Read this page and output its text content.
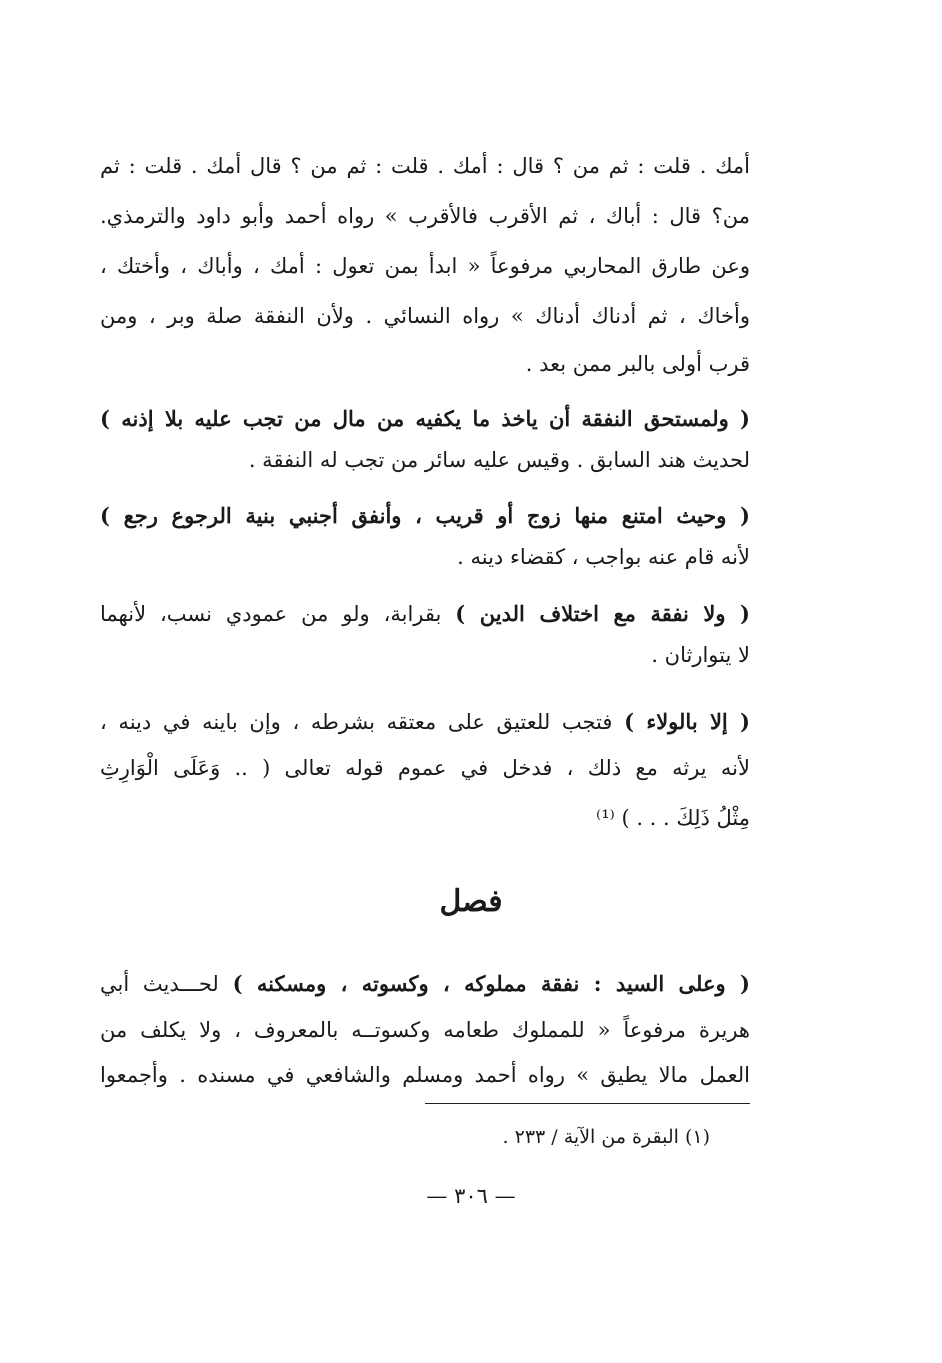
أمك . قلت : ثم من ؟ قال : أمك . قلت : ثم من ؟ قال أمك . قلت : ثم
من؟ قال : أباك ، ثم الأقرب فالأقرب » رواه أحمد وأبو داود والترمذي.
وعن طارق المحاربي مرفوعاً « ابدأ بمن تعول : أمك ، وأباك ، وأختك ،
وأخاك ، ثم أدناك أدناك » رواه النسائي . ولأن النفقة صلة وبر ، ومن
قرب أولى بالبر ممن بعد .
( ولمستحق النفقة أن ياخذ ما يكفيه من مال من تجب عليه بلا إذنه )
لحديث هند السابق . وقيس عليه سائر من تجب له النفقة .
( وحيث امتنع منها زوج أو قريب ، وأنفق أجنبي بنية الرجوع رجع )
لأنه قام عنه بواجب ، كقضاء دينه .
( ولا نفقة مع اختلاف الدين ) بقرابة، ولو من عمودي نسب، لأنهما
لا يتوارثان .
( إلا بالولاء ) فتجب للعتيق على معتقه بشرطه ، وإن باينه في دينه ،
لأنه يرثه مع ذلك ، فدخل في عموم قوله تعالى ( .. وَعَلَى الْوَارِثِ
مِثْلُ ذَلِكَ . . . ) ⁽¹⁾
فصل
( وعلى السيد : نفقة مملوكه ، وكسوته ، ومسكنه ) لحـــديث أبي
هريرة مرفوعاً « للمملوك طعامه وكسوتــه بالمعروف ، ولا يكلف من
العمل مالا يطيق » رواه أحمد ومسلم والشافعي في مسنده . وأجمعوا
(١) البقرة من الآية / ٢٣٣ .
— ٣٠٦ —
